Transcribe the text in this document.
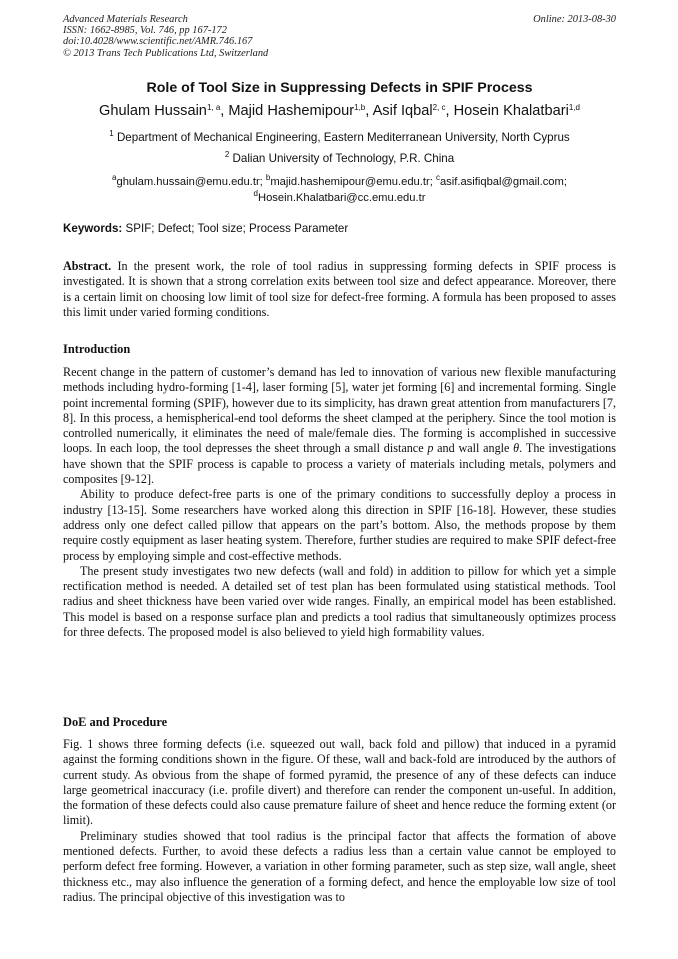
Advanced Materials Research
ISSN: 1662-8985, Vol. 746, pp 167-172
doi:10.4028/www.scientific.net/AMR.746.167
© 2013 Trans Tech Publications Ltd, Switzerland
Online: 2013-08-30
Role of Tool Size in Suppressing Defects in SPIF Process
Ghulam Hussain$^{1, a}$, Majid Hashemipour$^{1,b}$, Asif Iqbal$^{2, c}$, Hosein Khalatbari$^{1,d}$
$^1$ Department of Mechanical Engineering, Eastern Mediterranean University, North Cyprus
$^2$ Dalian University of Technology, P.R. China
$^a$ghulam.hussain@emu.edu.tr; $^b$majid.hashemipour@emu.edu.tr; $^c$asif.asifiqbal@gmail.com;
$^d$Hosein.Khalatbari@cc.emu.edu.tr
Keywords: SPIF; Defect; Tool size; Process Parameter
Abstract. In the present work, the role of tool radius in suppressing forming defects in SPIF process is investigated. It is shown that a strong correlation exits between tool size and defect appearance. Moreover, there is a certain limit on choosing low limit of tool size for defect-free forming. A formula has been proposed to asses this limit under varied forming conditions.
Introduction

Recent change in the pattern of customer’s demand has led to innovation of various new flexible manufacturing methods including hydro-forming [1-4], laser forming [5], water jet forming [6] and incremental forming. Single point incremental forming (SPIF), however due to its simplicity, has drawn great attention from manufacturers [7, 8]. In this process, a hemispherical-end tool deforms the sheet clamped at the periphery. Since the tool motion is controlled numerically, it eliminates the need of male/female dies. The forming is accomplished in successive loops. In each loop, the tool depresses the sheet through a small distance p and wall angle θ. The investigations have shown that the SPIF process is capable to process a variety of materials including metals, polymers and composites [9-12].

Ability to produce defect-free parts is one of the primary conditions to successfully deploy a process in industry [13-15]. Some researchers have worked along this direction in SPIF [16-18]. However, these studies address only one defect called pillow that appears on the part’s bottom. Also, the methods propose by them require costly equipment as laser heating system. Therefore, further studies are required to make SPIF defect-free process by employing simple and cost-effective methods.

The present study investigates two new defects (wall and fold) in addition to pillow for which yet a simple rectification method is needed. A detailed set of test plan has been formulated using statistical methods. Tool radius and sheet thickness have been varied over wide ranges. Finally, an empirical model has been established. This model is based on a response surface plan and predicts a tool radius that simultaneously optimizes process for three defects. The proposed model is also believed to yield high formability values.

DoE and Procedure

Fig. 1 shows three forming defects (i.e. squeezed out wall, back fold and pillow) that induced in a pyramid against the forming conditions shown in the figure. Of these, wall and back-fold are introduced by the authors of current study. As obvious from the shape of formed pyramid, the presence of any of these defects can induce large geometrical inaccuracy (i.e. profile divert) and therefore can render the component un-useful. In addition, the formation of these defects could also cause premature failure of sheet and hence reduce the forming extent (or limit).

Preliminary studies showed that tool radius is the principal factor that affects the formation of above mentioned defects. Further, to avoid these defects a radius less than a certain value cannot be employed to perform defect free forming. However, a variation in other forming parameter, such as step size, wall angle, sheet thickness etc., may also influence the generation of a forming defect, and hence the employable low size of tool radius. The principal objective of this investigation was to
